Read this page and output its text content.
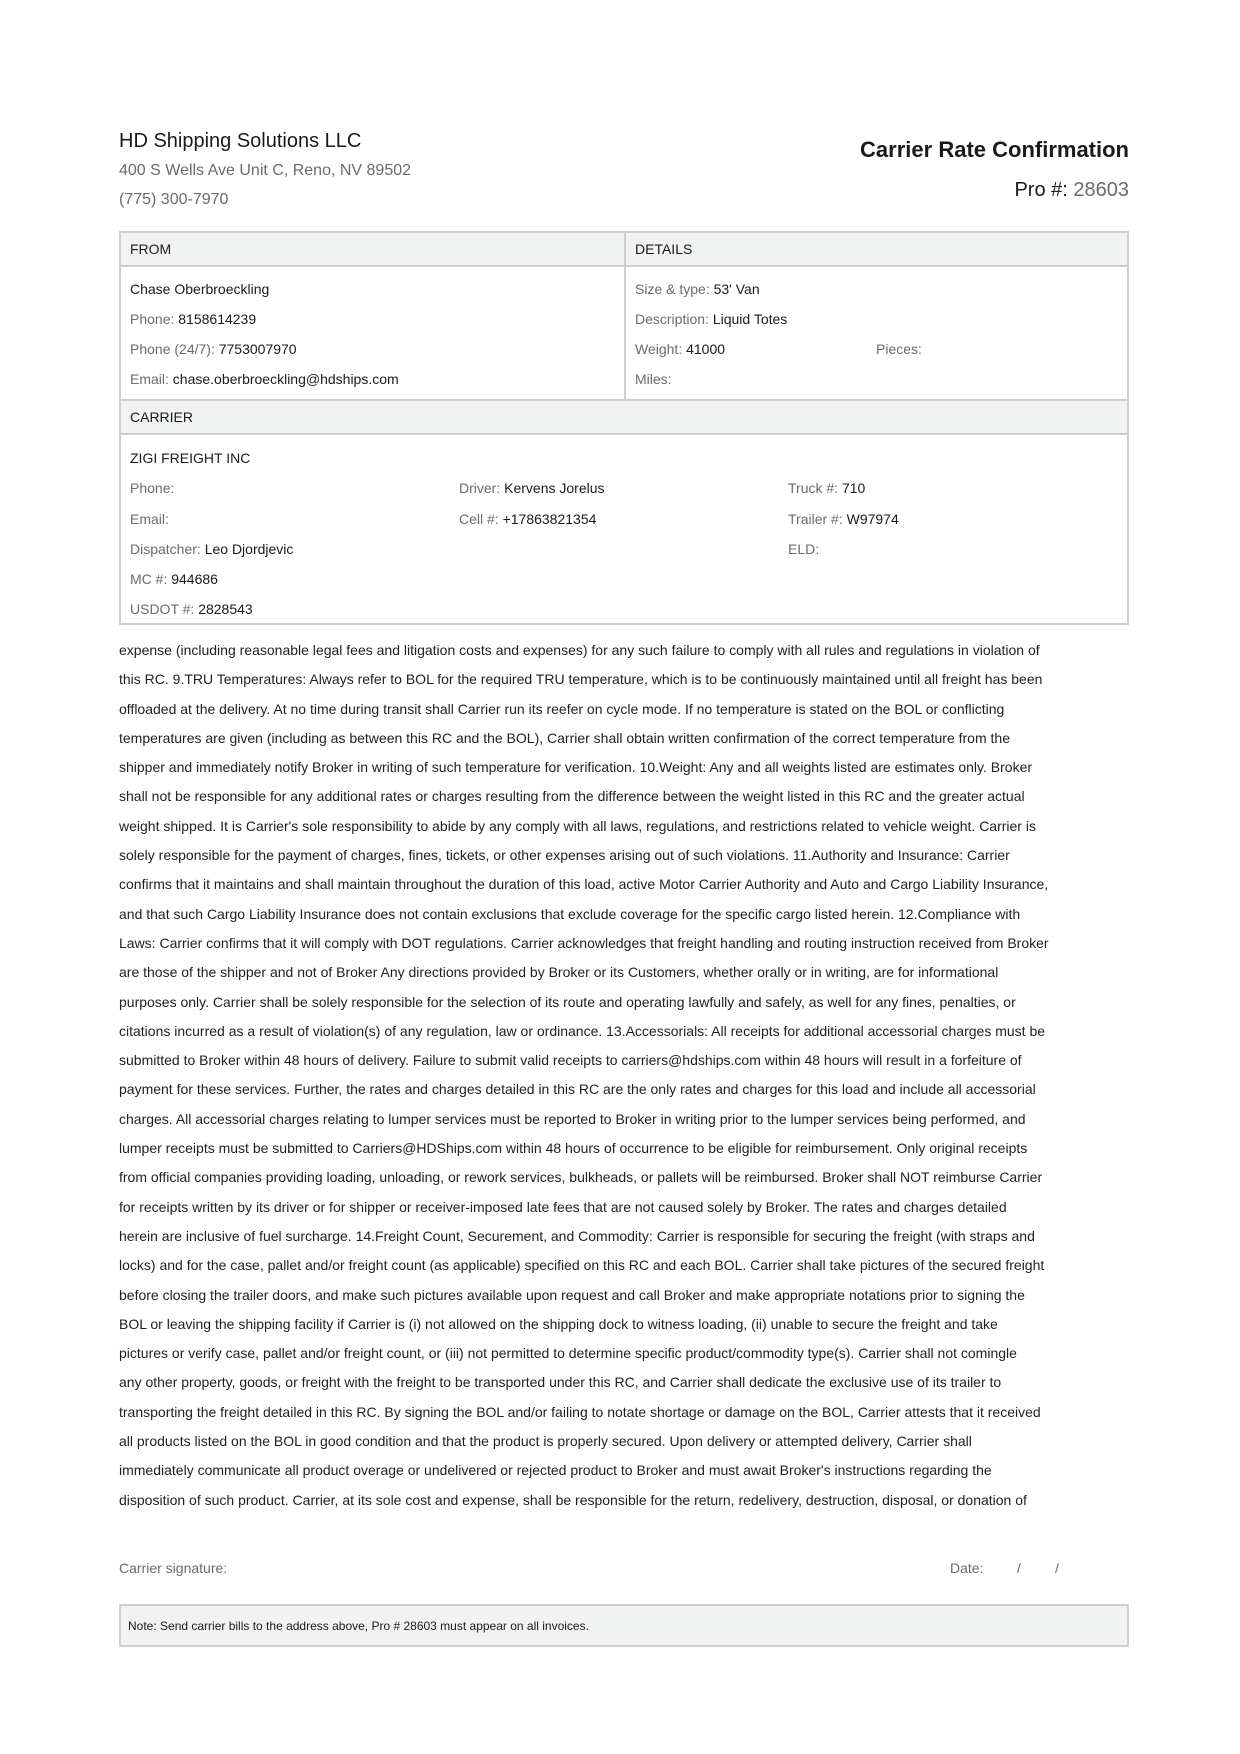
HD Shipping Solutions LLC
400 S Wells Ave Unit C, Reno, NV 89502
(775) 300-7970
Carrier Rate Confirmation
Pro #: 28603
FROM	DETAILS
Chase Oberbroeckling
Phone: 8158614239
Phone (24/7): 7753007970
Email: chase.oberbroeckling@hdships.com
Size & type: 53' Van
Description: Liquid Totes
Weight: 41000	Pieces:
Miles:
CARRIER
ZIGI FREIGHT INC
Phone:
Email:
Dispatcher: Leo Djordjevic
MC #: 944686
USDOT #: 2828543
Driver: Kervens Jorelus
Cell #: +17863821354
Truck #: 710
Trailer #: W97974
ELD:

expense (including reasonable legal fees and litigation costs and expenses) for any such failure to comply with all rules and regulations in violation of

this RC. 9.TRU Temperatures: Always refer to BOL for the required TRU temperature, which is to be continuously maintained until all freight has been

offloaded at the delivery. At no time during transit shall Carrier run its reefer on cycle mode. If no temperature is stated on the BOL or conflicting

temperatures are given (including as between this RC and the BOL), Carrier shall obtain written confirmation of the correct temperature from the

shipper and immediately notify Broker in writing of such temperature for verification. 10.Weight: Any and all weights listed are estimates only. Broker

shall not be responsible for any additional rates or charges resulting from the difference between the weight listed in this RC and the greater actual

weight shipped. It is Carrier's sole responsibility to abide by any comply with all laws, regulations, and restrictions related to vehicle weight. Carrier is

solely responsible for the payment of charges, fines, tickets, or other expenses arising out of such violations. 11.Authority and Insurance: Carrier

confirms that it maintains and shall maintain throughout the duration of this load, active Motor Carrier Authority and Auto and Cargo Liability Insurance,

and that such Cargo Liability Insurance does not contain exclusions that exclude coverage for the specific cargo listed herein. 12.Compliance with

Laws: Carrier confirms that it will comply with DOT regulations. Carrier acknowledges that freight handling and routing instruction received from Broker

are those of the shipper and not of Broker Any directions provided by Broker or its Customers, whether orally or in writing, are for informational

purposes only. Carrier shall be solely responsible for the selection of its route and operating lawfully and safely, as well for any fines, penalties, or

citations incurred as a result of violation(s) of any regulation, law or ordinance. 13.Accessorials: All receipts for additional accessorial charges must be

submitted to Broker within 48 hours of delivery. Failure to submit valid receipts to carriers@hdships.com within 48 hours will result in a forfeiture of

payment for these services. Further, the rates and charges detailed in this RC are the only rates and charges for this load and include all accessorial

charges. All accessorial charges relating to lumper services must be reported to Broker in writing prior to the lumper services being performed, and

lumper receipts must be submitted to Carriers@HDShips.com within 48 hours of occurrence to be eligible for reimbursement. Only original receipts

from official companies providing loading, unloading, or rework services, bulkheads, or pallets will be reimbursed. Broker shall NOT reimburse Carrier

for receipts written by its driver or for shipper or receiver-imposed late fees that are not caused solely by Broker. The rates and charges detailed

herein are inclusive of fuel surcharge. 14.Freight Count, Securement, and Commodity: Carrier is responsible for securing the freight (with straps and

locks) and for the case, pallet and/or freight count (as applicable) specified on this RC and each BOL. Carrier shall take pictures of the secured freight

before closing the trailer doors, and make such pictures available upon request and call Broker and make appropriate notations prior to signing the

BOL or leaving the shipping facility if Carrier is (i) not allowed on the shipping dock to witness loading, (ii) unable to secure the freight and take

pictures or verify case, pallet and/or freight count, or (iii) not permitted to determine specific product/commodity type(s). Carrier shall not comingle

any other property, goods, or freight with the freight to be transported under this RC, and Carrier shall dedicate the exclusive use of its trailer to

transporting the freight detailed in this RC. By signing the BOL and/or failing to notate shortage or damage on the BOL, Carrier attests that it received

all products listed on the BOL in good condition and that the product is properly secured. Upon delivery or attempted delivery, Carrier shall

immediately communicate all product overage or undelivered or rejected product to Broker and must await Broker's instructions regarding the

disposition of such product. Carrier, at its sole cost and expense, shall be responsible for the return, redelivery, destruction, disposal, or donation of

Carrier signature:	Date: / /
Note: Send carrier bills to the address above, Pro # 28603 must appear on all invoices.
